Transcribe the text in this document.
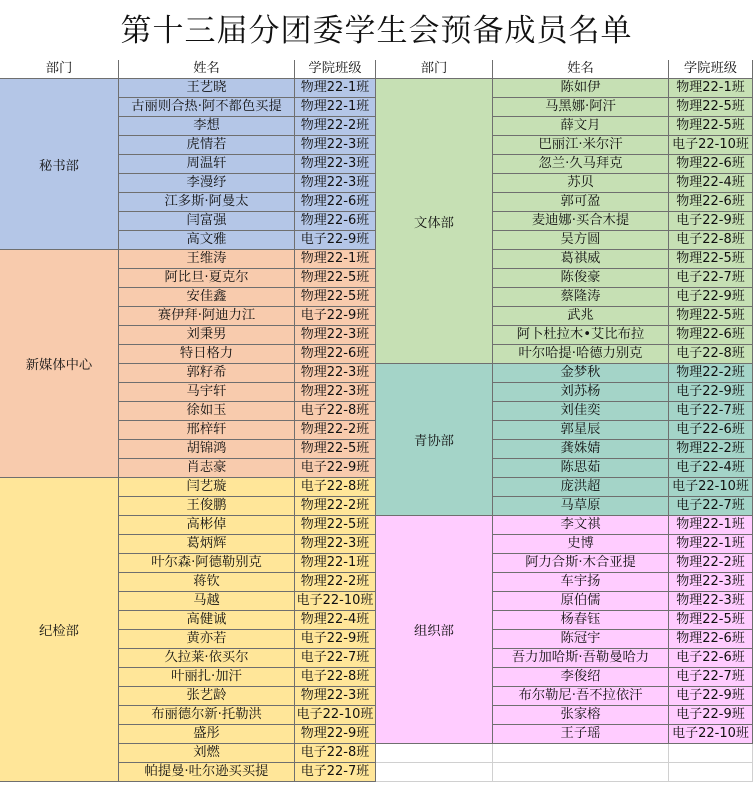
第十三届分团委学生会预备成员名单
部门	姓名	学院班级	部门	姓名	学院班级
秘书部
王艺晓	物理22-1班
古丽则合热·阿不都色买提	物理22-1班
李想	物理22-2班
虎情若	物理22-3班
周温轩	物理22-3班
李漫纾	物理22-3班
江多斯·阿曼太	物理22-6班
闫富强	物理22-6班
高文雅	电子22-9班
新媒体中心
王维涛	物理22-1班
阿比旦·夏克尔	物理22-5班
安佳鑫	物理22-5班
赛伊拜·阿迪力江	电子22-9班
刘秉男	物理22-3班
特日格力	物理22-6班
郭籽希	物理22-3班
马宇轩	物理22-3班
徐如玉	电子22-8班
邢梓轩	物理22-2班
胡锦鸿	物理22-5班
肖志豪	电子22-9班
纪检部
闫艺璇	电子22-8班
王俊鹏	物理22-2班
高彬倬	物理22-5班
葛炳辉	物理22-3班
叶尔森·阿德勒别克	物理22-1班
蒋钦	物理22-2班
马越	电子22-10班
高健诚	物理22-4班
黄亦若	电子22-9班
久拉莱·依买尔	电子22-7班
叶丽扎·加汗	电子22-8班
张艺龄	物理22-3班
布丽德尔新·托勒洪	电子22-10班
盛彤	物理22-9班
刘燃	电子22-8班
帕提曼·吐尔逊买买提	电子22-7班
文体部
陈如伊	物理22-1班
马黑娜·阿汗	物理22-5班
薛文月	物理22-5班
巴丽江·米尔汗	电子22-10班
忽兰·久马拜克	物理22-6班
苏贝	物理22-4班
郭可盈	物理22-6班
麦迪娜·买合木提	电子22-9班
吴方圆	电子22-8班
葛祺威	物理22-5班
陈俊豪	电子22-7班
蔡隆涛	电子22-9班
武兆	物理22-5班
阿卜杜拉木•艾比布拉	物理22-6班
叶尔哈提·哈德力别克	电子22-8班
青协部
金梦秋	物理22-2班
刘苏杨	电子22-9班
刘佳奕	电子22-7班
郭星辰	电子22-6班
龚姝婧	物理22-2班
陈思茹	电子22-4班
庞洪超	电子22-10班
马草原	电子22-7班
组织部
李文祺	物理22-1班
史博	物理22-1班
阿力合斯·木合亚提	物理22-2班
车宇扬	物理22-3班
原伯儒	物理22-3班
杨春钰	物理22-5班
陈冠宇	物理22-6班
吾力加哈斯·吾勒曼哈力	电子22-6班
李俊绍	电子22-7班
布尔勒尼·吾不拉依汗	电子22-9班
张家榕	电子22-9班
王子瑶	电子22-10班
